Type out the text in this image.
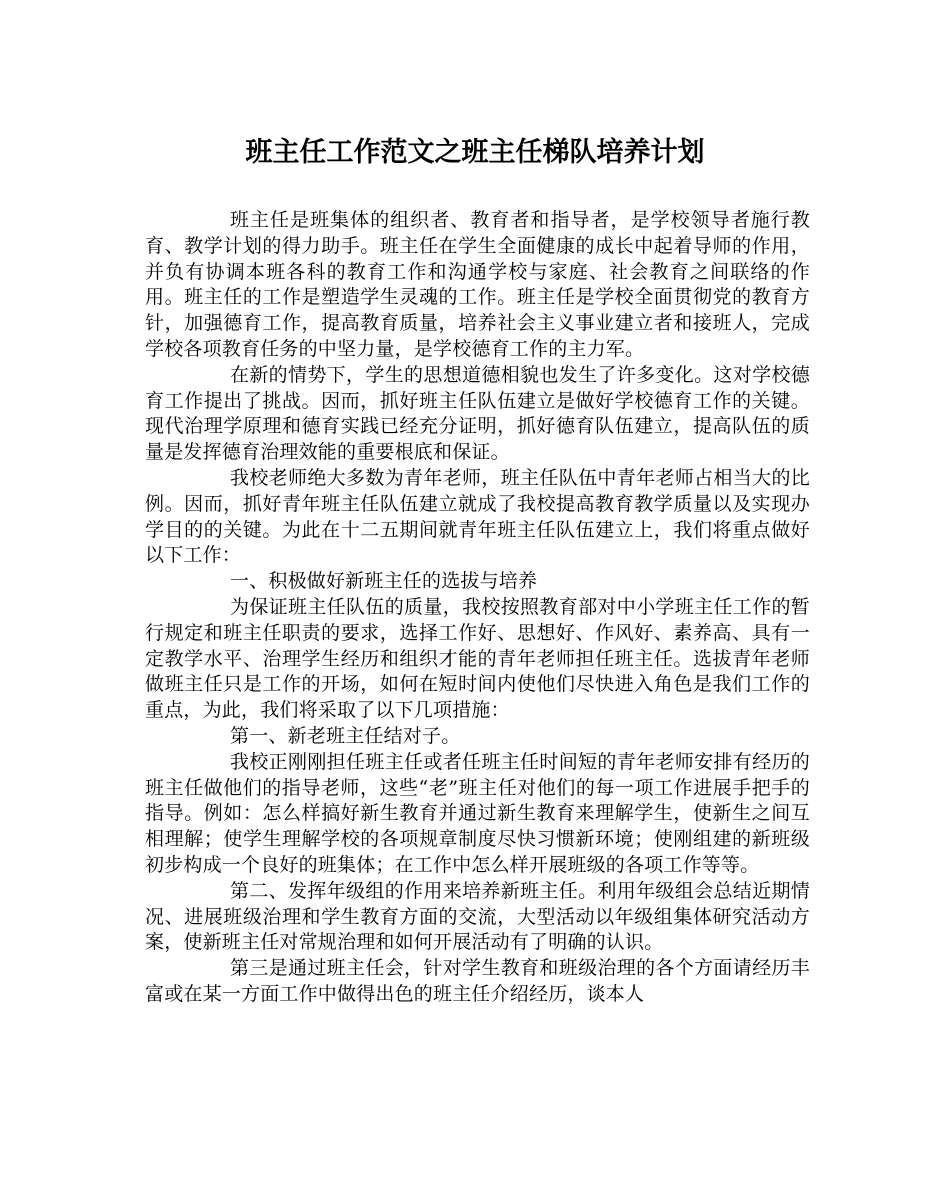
班主任工作范文之班主任梯队培养计划

班主任是班集体的组织者、教育者和指导者，是学校领导者施行教育、教学计划的得力助手。班主任在学生全面健康的成长中起着导师的作用，并负有协调本班各科的教育工作和沟通学校与家庭、社会教育之间联络的作用。班主任的工作是塑造学生灵魂的工作。班主任是学校全面贯彻党的教育方针，加强德育工作，提高教育质量，培养社会主义事业建立者和接班人，完成学校各项教育任务的中坚力量，是学校德育工作的主力军。

在新的情势下，学生的思想道德相貌也发生了许多变化。这对学校德育工作提出了挑战。因而，抓好班主任队伍建立是做好学校德育工作的关键。现代治理学原理和德育实践已经充分证明，抓好德育队伍建立，提高队伍的质量是发挥德育治理效能的重要根底和保证。

我校老师绝大多数为青年老师，班主任队伍中青年老师占相当大的比例。因而，抓好青年班主任队伍建立就成了我校提高教育教学质量以及实现办学目的的关键。为此在十二五期间就青年班主任队伍建立上，我们将重点做好以下工作：

一、积极做好新班主任的选拔与培养

为保证班主任队伍的质量，我校按照教育部对中小学班主任工作的暂行规定和班主任职责的要求，选择工作好、思想好、作风好、素养高、具有一定教学水平、治理学生经历和组织才能的青年老师担任班主任。选拔青年老师做班主任只是工作的开场，如何在短时间内使他们尽快进入角色是我们工作的重点，为此，我们将采取了以下几项措施：

第一、新老班主任结对子。

我校正刚刚担任班主任或者任班主任时间短的青年老师安排有经历的班主任做他们的指导老师，这些“老”班主任对他们的每一项工作进展手把手的指导。例如：怎么样搞好新生教育并通过新生教育来理解学生，使新生之间互相理解；使学生理解学校的各项规章制度尽快习惯新环境；使刚组建的新班级初步构成一个良好的班集体；在工作中怎么样开展班级的各项工作等等。

第二、发挥年级组的作用来培养新班主任。利用年级组会总结近期情况、进展班级治理和学生教育方面的交流，大型活动以年级组集体研究活动方案，使新班主任对常规治理和如何开展活动有了明确的认识。

第三是通过班主任会，针对学生教育和班级治理的各个方面请经历丰富或在某一方面工作中做得出色的班主任介绍经历，谈本人
